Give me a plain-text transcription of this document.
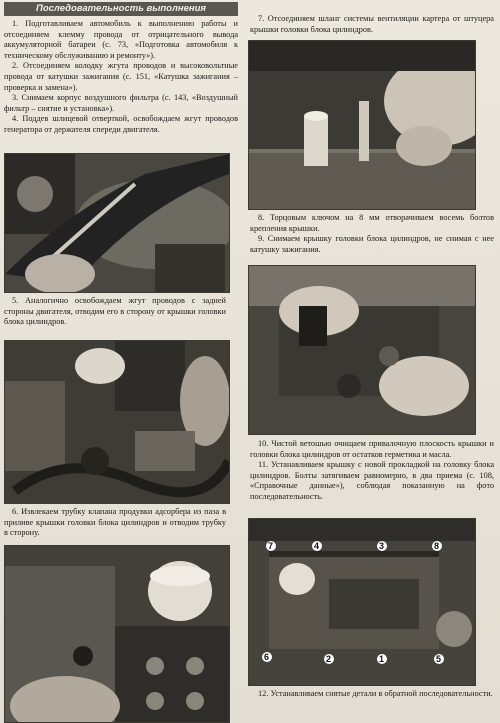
Последовательность выполнения

1. Подготавливаем автомобиль к выполнению работы и отсоединяем клемму провода от отрицательного вывода аккумуляторной батареи (с. 73, «Подготовка автомобиля к техническому обслуживанию и ремонту»).

2. Отсоединяем колодку жгута проводов и высоковольтные провода от катушки зажигания (с. 151, «Катушка зажигания – проверка и замена»).

3. Снимаем корпус воздушного фильтра (с. 143, «Воздушный фильтр – снятие и установка»).

4. Поддев шлицевой отверткой, освобождаем жгут проводов генератора от держателя спереди двигателя.

5. Аналогично освобождаем жгут проводов с задней стороны двигателя, отводим его в сторону от крышки головки блока цилиндров.

6. Извлекаем трубку клапана продувки адсорбера из паза в приливе крышки головки блока цилиндров и отводим трубку в сторону.

7. Отсоединяем шланг системы вентиляции картера от штуцера крышки головки блока цилиндров.

8. Торцовым ключом на 8 мм отворачиваем восемь болтов крепления крышки.

9. Снимаем крышку головки блока цилиндров, не снимая с нее катушку зажигания.

10. Чистой ветошью очищаем привалочную плоскость крышки и головки блока цилиндров от остатков герметика и масла.

11. Устанавливаем крышку с новой прокладкой на головку блока цилиндров. Болты затягиваем равномерно, в два приема (с. 108, «Справочные данные»), соблюдая показанную на фото последовательность.

7	4	3	8
6	2	1	5

12. Устанавливаем снятые детали в обратной последовательности.
